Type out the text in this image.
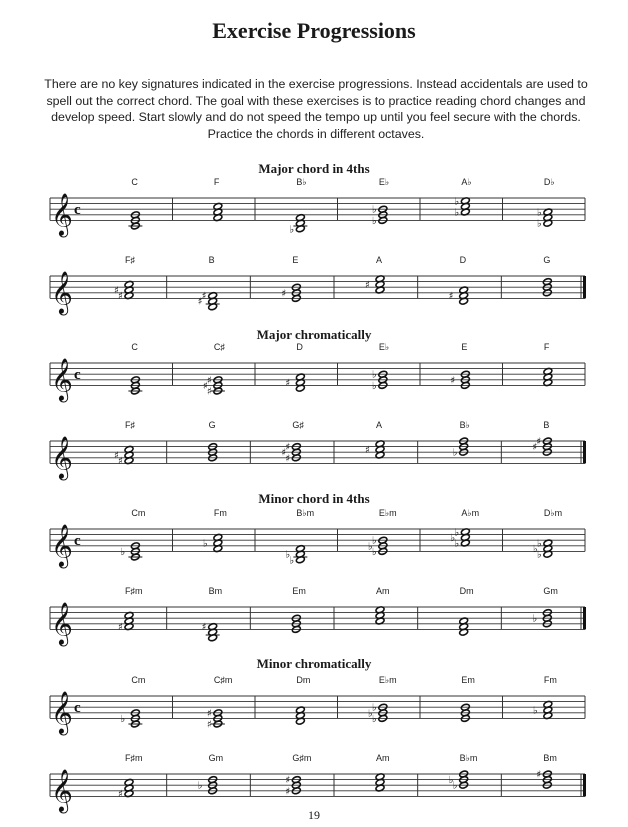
Exercise Progressions
There are no key signatures indicated in the exercise progressions. Instead accidentals are used to spell out the correct chord. The goal with these exercises is to practice reading chord changes and develop speed. Start slowly and do not speed the tempo up until you feel secure with the chords. Practice the chords in different octaves.
Major chord in 4ths
Major chromatically
Minor chord in 4ths
Minor chromatically
𝄞 c
C	F	B♭
♭
E♭
♭
♭
A♭
♭
♭
D♭
♭
♭
𝄞
F♯
♯
♯
B
♯
♯
E
♯
A
♯
D
♯
G
𝄞 c
C	C♯
♯
♯
♯
D
♯
E♭
♭
♭
E
♯
F
𝄞
F♯
♯
♯
G	G♯
♯
♯
♯
A
♯
B♭
♭
B
♯
♯
𝄞 c
Cm
♭
Fm
♭
B♭m
♭
♭
E♭m
♭
♭
♭
A♭m
♭
♭
♭
D♭m
♭
♭
♭
𝄞
F♯m
♯
Bm
♯
Em	Am	Dm	Gm
♭
𝄞 c
Cm
♭
C♯m
♯
♯
Dm	E♭m
♭
♭
♭
Em	Fm
♭
𝄞
F♯m
♯
Gm
♭
G♯m
♯
♯
Am	B♭m
♭
♭
Bm
♯
19
